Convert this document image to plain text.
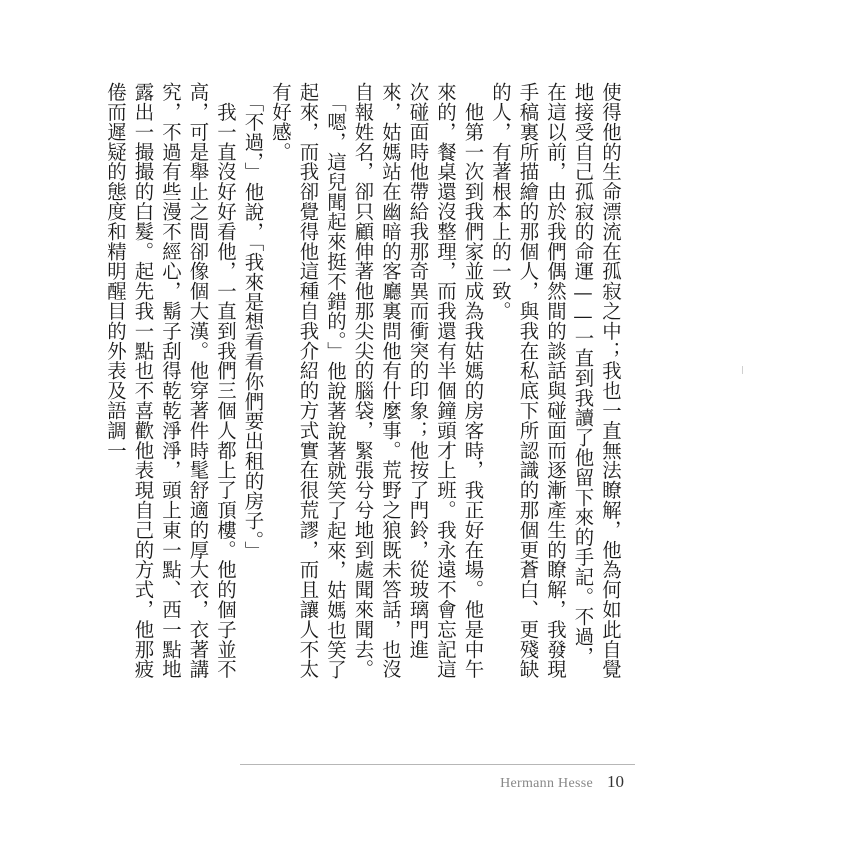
使得他的生命漂流在孤寂之中；我也一直無法瞭解，他為何如此自覺地接受自己孤寂的命運——一直到我讀了他留下來的手記。不過，在這以前，由於我們偶然間的談話與碰面而逐漸產生的瞭解，我發現手稿裏所描繪的那個人，與我在私底下所認識的那個更蒼白、更殘缺的人，有著根本上的一致。

　他第一次到我們家並成為我姑媽的房客時，我正好在場。他是中午來的，餐桌還沒整理，而我還有半個鐘頭才上班。我永遠不會忘記這次碰面時他帶給我那奇異而衝突的印象；他按了門鈴，從玻璃門進來，姑媽站在幽暗的客廳裏問他有什麼事。荒野之狼既未答話，也沒自報姓名，卻只顧伸著他那尖尖的腦袋，緊張兮兮地到處聞來聞去。

　「嗯，這兒聞起來挺不錯的。」他說著說著就笑了起來，姑媽也笑了起來，而我卻覺得他這種自我介紹的方式實在很荒謬，而且讓人不太有好感。

　「不過，」他說，「我來是想看看你們要出租的房子。」

　我一直沒好好看他，一直到我們三個人都上了頂樓。他的個子並不高，可是舉止之間卻像個大漢。他穿著件時髦舒適的厚大衣，衣著講究，不過有些漫不經心，鬍子刮得乾乾淨淨，頭上東一點、西一點地露出一撮撮的白髮。起先我一點也不喜歡他表現自己的方式，他那疲倦而遲疑的態度和精明醒目的外表及語調一

Hermann Hesse 10
